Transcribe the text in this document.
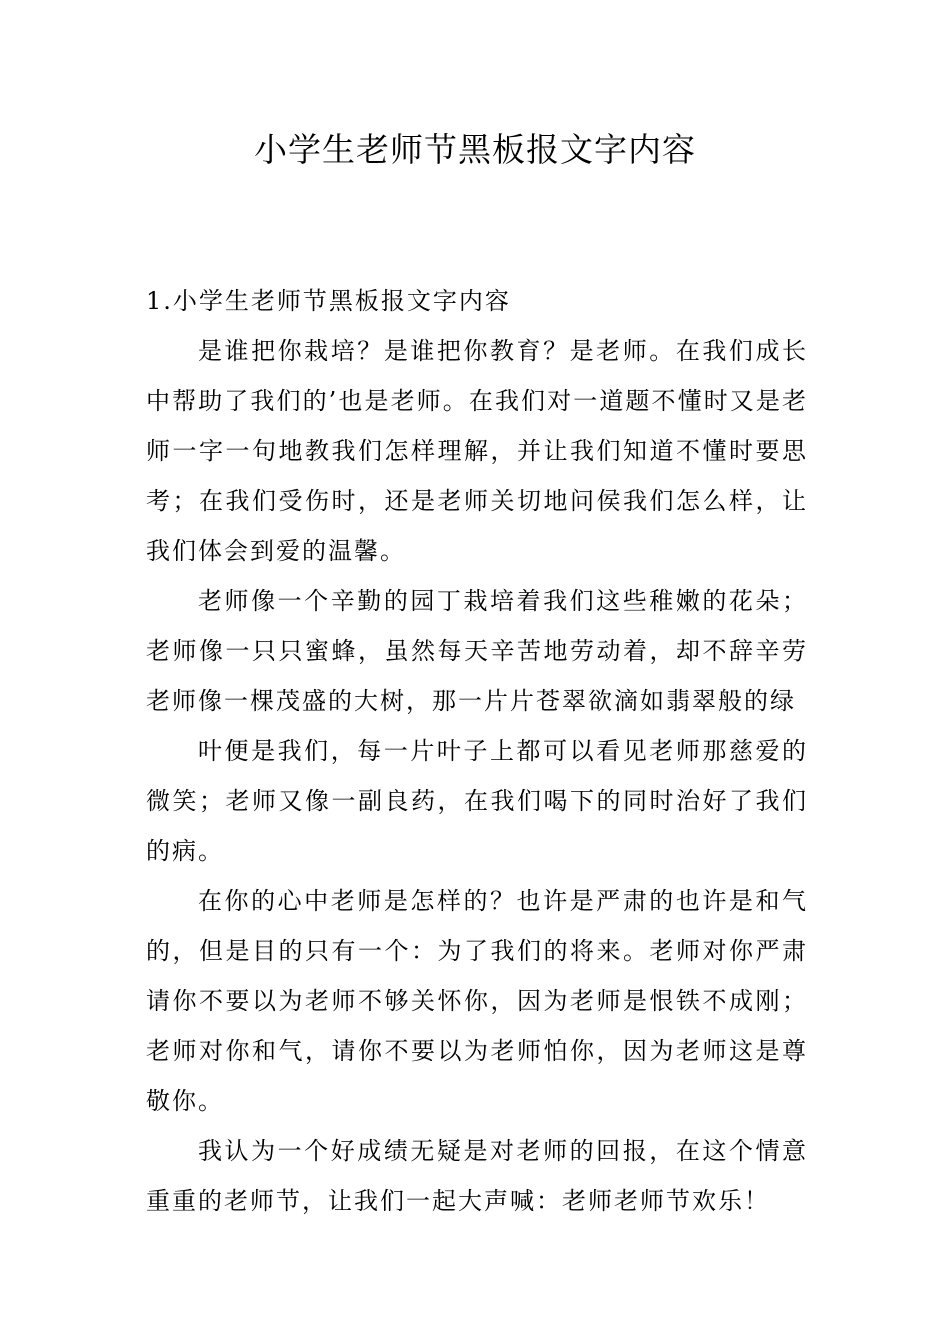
小学生老师节黑板报文字内容
1.小学生老师节黑板报文字内容

是谁把你栽培？是谁把你教育？是老师。在我们成长中帮助了我们的’也是老师。在我们对一道题不懂时又是老师一字一句地教我们怎样理解，并让我们知道不懂时要思考；在我们受伤时，还是老师关切地问侯我们怎么样，让我们体会到爱的温馨。

老师像一个辛勤的园丁栽培着我们这些稚嫩的花朵；老师像一只只蜜蜂，虽然每天辛苦地劳动着，却不辞辛劳老师像一棵茂盛的大树，那一片片苍翠欲滴如翡翠般的绿

叶便是我们，每一片叶子上都可以看见老师那慈爱的微笑；老师又像一副良药，在我们喝下的同时治好了我们的病。

在你的心中老师是怎样的？也许是严肃的也许是和气的，但是目的只有一个：为了我们的将来。老师对你严肃请你不要以为老师不够关怀你，因为老师是恨铁不成刚；老师对你和气，请你不要以为老师怕你，因为老师这是尊敬你。

我认为一个好成绩无疑是对老师的回报，在这个情意重重的老师节，让我们一起大声喊：老师老师节欢乐！
